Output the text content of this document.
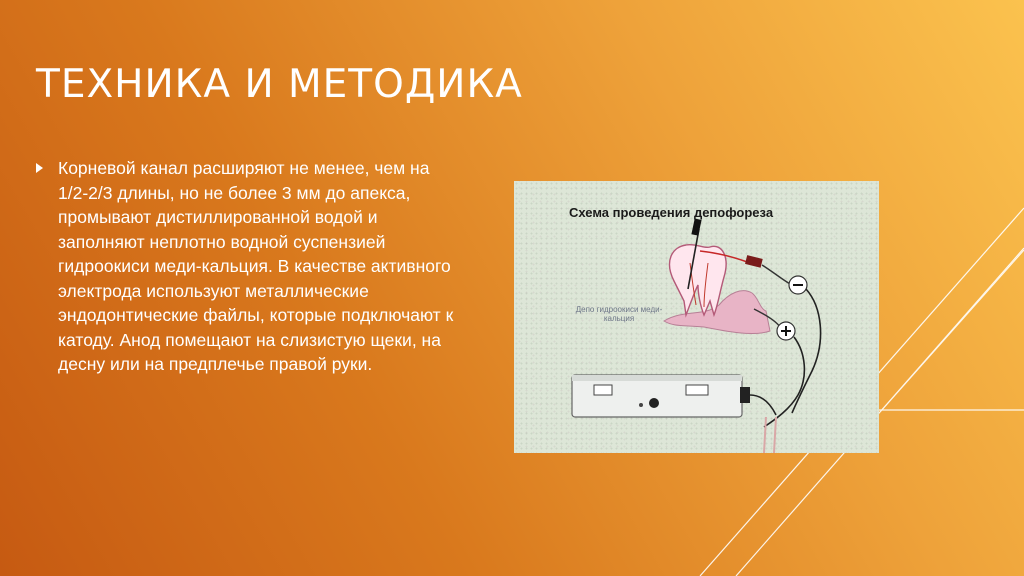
ТЕХНИКА И МЕТОДИКА

Корневой канал расширяют не менее, чем на 1/2-2/3 длины, но не более 3 мм до апекса, промывают дистиллированной водой и заполняют неплотно водной суспензией гидроокиси меди-кальция. В качестве активного электрода используют металлические эндодонтические файлы, которые подключают к катоду. Анод помещают на слизистую щеки, на десну или на предплечье правой руки.

Схема проведения депофореза
Депо гидроокиси меди-кальция
